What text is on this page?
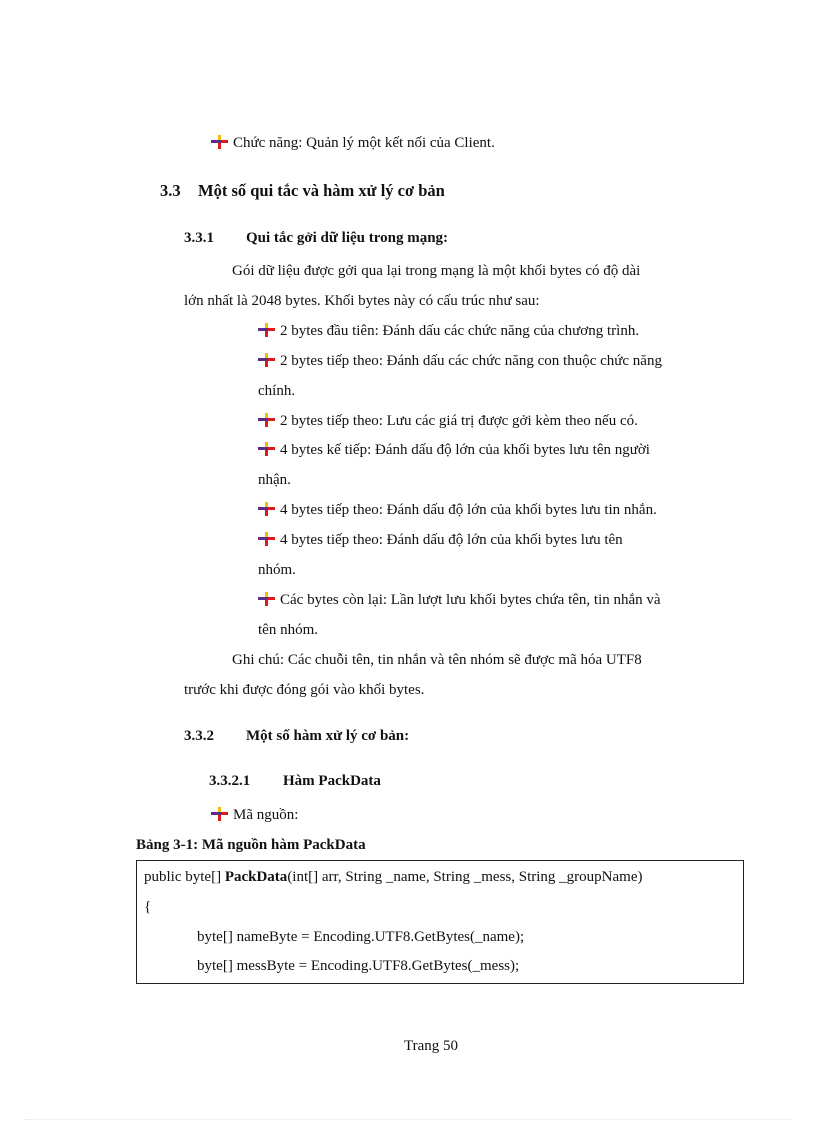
Chức năng: Quản lý một kết nối của Client.
3.3 Một số qui tắc và hàm xử lý cơ bản
3.3.1 Qui tắc gởi dữ liệu trong mạng:
Gói dữ liệu được gởi qua lại trong mạng là một khối bytes có độ dài
lớn nhất là 2048 bytes. Khối bytes này có cấu trúc như sau:
2 bytes đầu tiên: Đánh dấu các chức năng của chương trình.
2 bytes tiếp theo: Đánh dấu các chức năng con thuộc chức năng
chính.
2 bytes tiếp theo: Lưu các giá trị được gởi kèm theo nếu có.
4 bytes kế tiếp: Đánh dấu độ lớn của khối bytes lưu tên người
nhận.
4 bytes tiếp theo: Đánh dấu độ lớn của khối bytes lưu tin nhắn.
4 bytes tiếp theo: Đánh dấu độ lớn của khối bytes lưu tên
nhóm.
Các bytes còn lại: Lần lượt lưu khối bytes chứa tên, tin nhắn và
tên nhóm.
Ghi chú: Các chuỗi tên, tin nhắn và tên nhóm sẽ được mã hóa UTF8
trước khi được đóng gói vào khối bytes.
3.3.2 Một số hàm xử lý cơ bản:
3.3.2.1 Hàm PackData
Mã nguồn:
Bảng 3-1: Mã nguồn hàm PackData
public byte[] PackData(int[] arr, String _name, String _mess, String _groupName)
{
byte[] nameByte = Encoding.UTF8.GetBytes(_name);
byte[] messByte = Encoding.UTF8.GetBytes(_mess);
Trang 50
